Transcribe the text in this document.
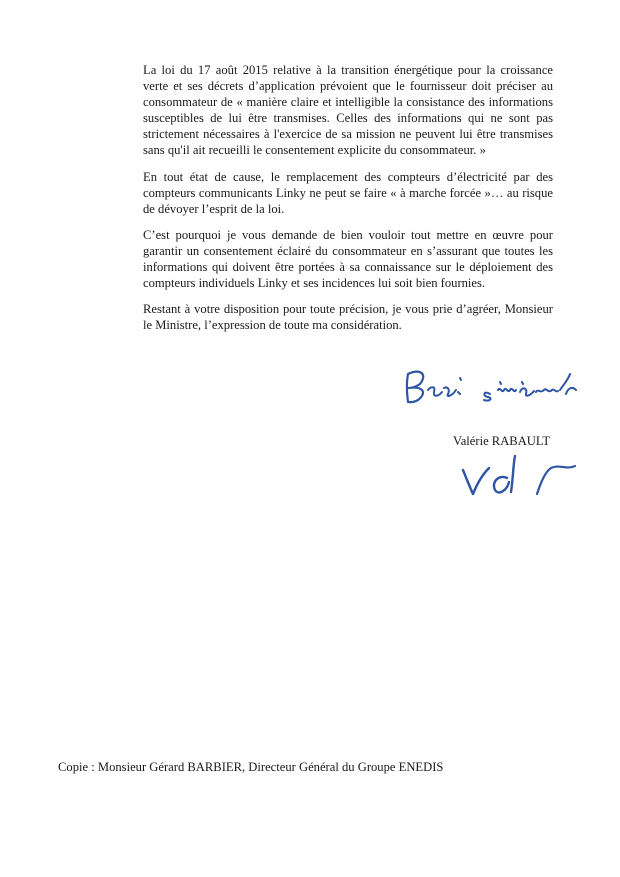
La loi du 17 août 2015 relative à la transition énergétique pour la croissance verte et ses décrets d’application prévoient que le fournisseur doit préciser au consommateur de « manière claire et intelligible la consistance des informations susceptibles de lui être transmises. Celles des informations qui ne sont pas strictement nécessaires à l'exercice de sa mission ne peuvent lui être transmises sans qu'il ait recueilli le consentement explicite du consommateur. »

En tout état de cause, le remplacement des compteurs d’électricité par des compteurs communicants Linky ne peut se faire « à marche forcée »… au risque de dévoyer l’esprit de la loi.

C’est pourquoi je vous demande de bien vouloir tout mettre en œuvre pour garantir un consentement éclairé du consommateur en s’assurant que toutes les informations qui doivent être portées à sa connaissance sur le déploiement des compteurs individuels Linky et ses incidences lui soit bien fournies.

Restant à votre disposition pour toute précision, je vous prie d’agréer, Monsieur le Ministre, l’expression de toute ma considération.

Valérie RABAULT
Copie : Monsieur Gérard BARBIER, Directeur Général du Groupe ENEDIS
